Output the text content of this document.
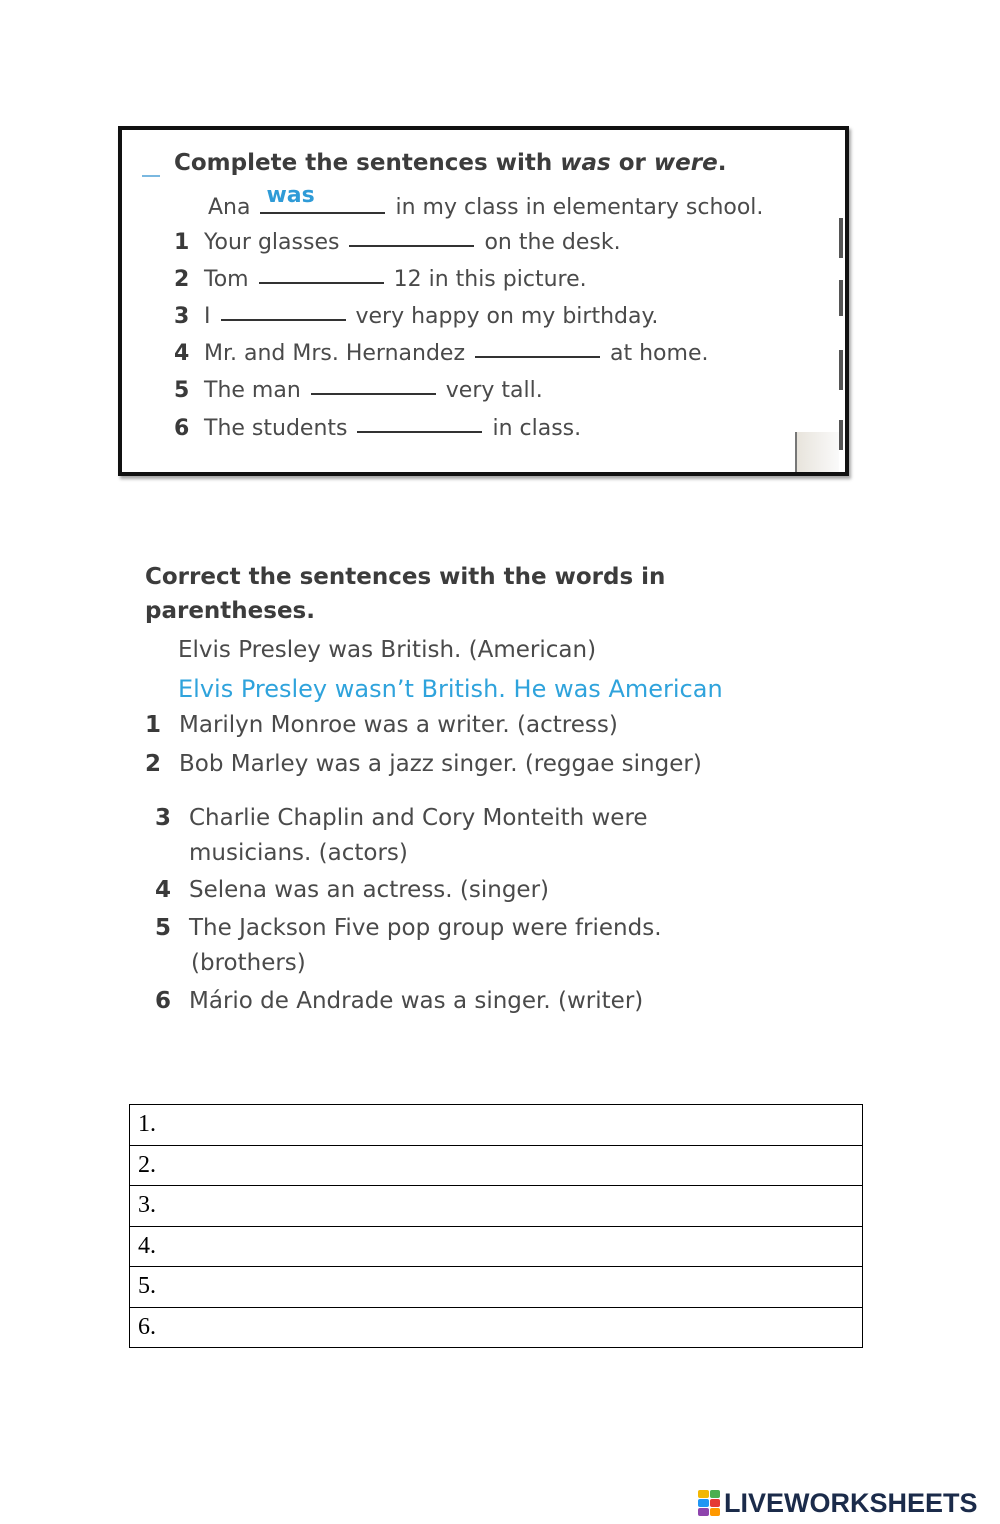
Complete the sentences with was or were.
Ana was	in my class in elementary school.
1 Your glasses	on the desk.
2 Tom	12 in this picture.
3 I	very happy on my birthday.
4 Mr. and Mrs. Hernandez	at home.
5 The man	very tall.
6 The students	in class.
Correct the sentences with the words in parentheses.
Elvis Presley was British. (American)
Elvis Presley wasn’t British. He was American
1 Marilyn Monroe was a writer. (actress)
2 Bob Marley was a jazz singer. (reggae singer)
3 Charlie Chaplin and Cory Monteith were
musicians. (actors)
4 Selena was an actress. (singer)
5 The Jackson Five pop group were friends.
(brothers)
6 Mário de Andrade was a singer. (writer)
1.
2.
3.
4.
5.
6.
LIVEWORKSHEETS
